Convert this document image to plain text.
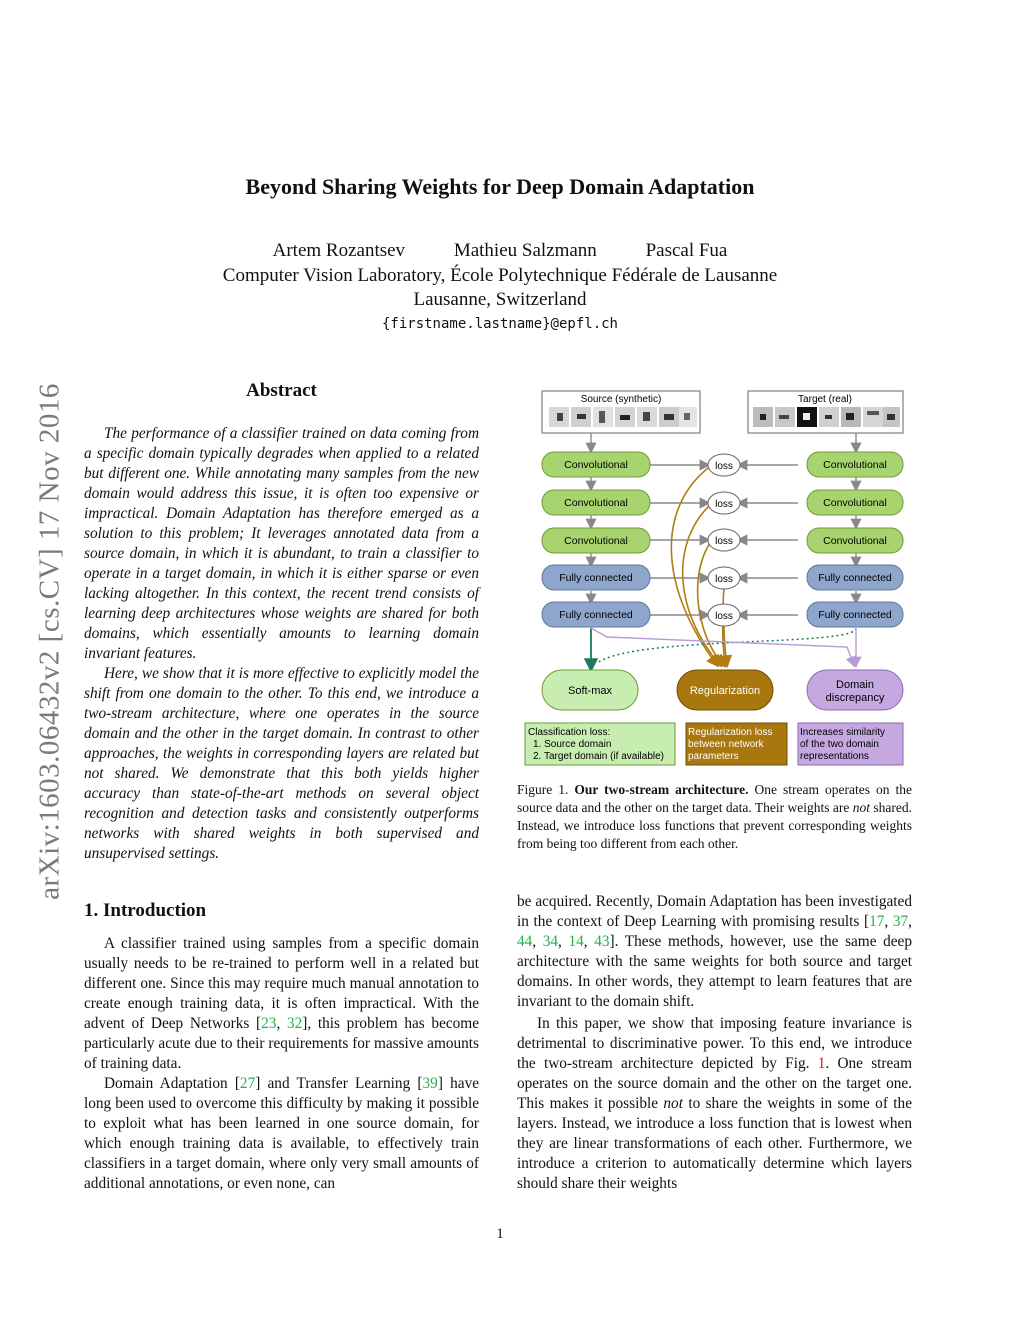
arXiv:1603.06432v2 [cs.CV] 17 Nov 2016
Beyond Sharing Weights for Deep Domain Adaptation
Artem Rozantsev	Mathieu Salzmann	Pascal Fua
Computer Vision Laboratory, École Polytechnique Fédérale de Lausanne
Lausanne, Switzerland
{firstname.lastname}@epfl.ch
Abstract

The performance of a classifier trained on data coming from a specific domain typically degrades when applied to a related but different one. While annotating many samples from the new domain would address this issue, it is often too expensive or impractical. Domain Adaptation has therefore emerged as a solution to this problem; It leverages annotated data from a source domain, in which it is abundant, to train a classifier to operate in a target domain, in which it is either sparse or even lacking altogether. In this context, the recent trend consists of learning deep architectures whose weights are shared for both domains, which essentially amounts to learning domain invariant features.

Here, we show that it is more effective to explicitly model the shift from one domain to the other. To this end, we introduce a two-stream architecture, where one operates in the source domain and the other in the target domain. In contrast to other approaches, the weights in corresponding layers are related but not shared. We demonstrate that this both yields higher accuracy than state-of-the-art methods on several object recognition and detection tasks and consistently outperforms networks with shared weights in both supervised and unsupervised settings.

1. Introduction

A classifier trained using samples from a specific domain usually needs to be re-trained to perform well in a related but different one. Since this may require much manual annotation to create enough training data, it is often impractical. With the advent of Deep Networks [23, 32], this problem has become particularly acute due to their requirements for massive amounts of training data.

Domain Adaptation [27] and Transfer Learning [39] have long been used to overcome this difficulty by making it possible to exploit what has been learned in one source domain, for which enough training data is available, to effectively train classifiers in a target domain, where only very small amounts of additional annotations, or even none, can

be acquired. Recently, Domain Adaptation has been investigated in the context of Deep Learning with promising results [17, 37, 44, 34, 14, 43]. These methods, however, use the same deep architecture with the same weights for both source and target domains. In other words, they attempt to learn features that are invariant to the domain shift.

In this paper, we show that imposing feature invariance is detrimental to discriminative power. To this end, we introduce the two-stream architecture depicted by Fig. 1. One stream operates on the source domain and the other on the target one. This makes it possible not to share the weights in some of the layers. Instead, we introduce a loss function that is lowest when they are linear transformations of each other. Furthermore, we introduce a criterion to automatically determine which layers should share their weights

Source (synthetic)	Target (real)
Convolutional
Convolutional
Convolutional
Fully connected
Fully connected
Convolutional
Convolutional
Convolutional
Fully connected
Fully connected
loss
loss
loss
loss
loss
Soft-max	Regularization	Domain
discrepancy
Classification loss:
1. Source domain
2. Target domain (if available)
Regularization loss
between network
parameters
Increases similarity
of the two domain
representations
Figure 1. Our two-stream architecture. One stream operates on the source data and the other on the target data. Their weights are not shared. Instead, we introduce loss functions that prevent corresponding weights from being too different from each other.
1
